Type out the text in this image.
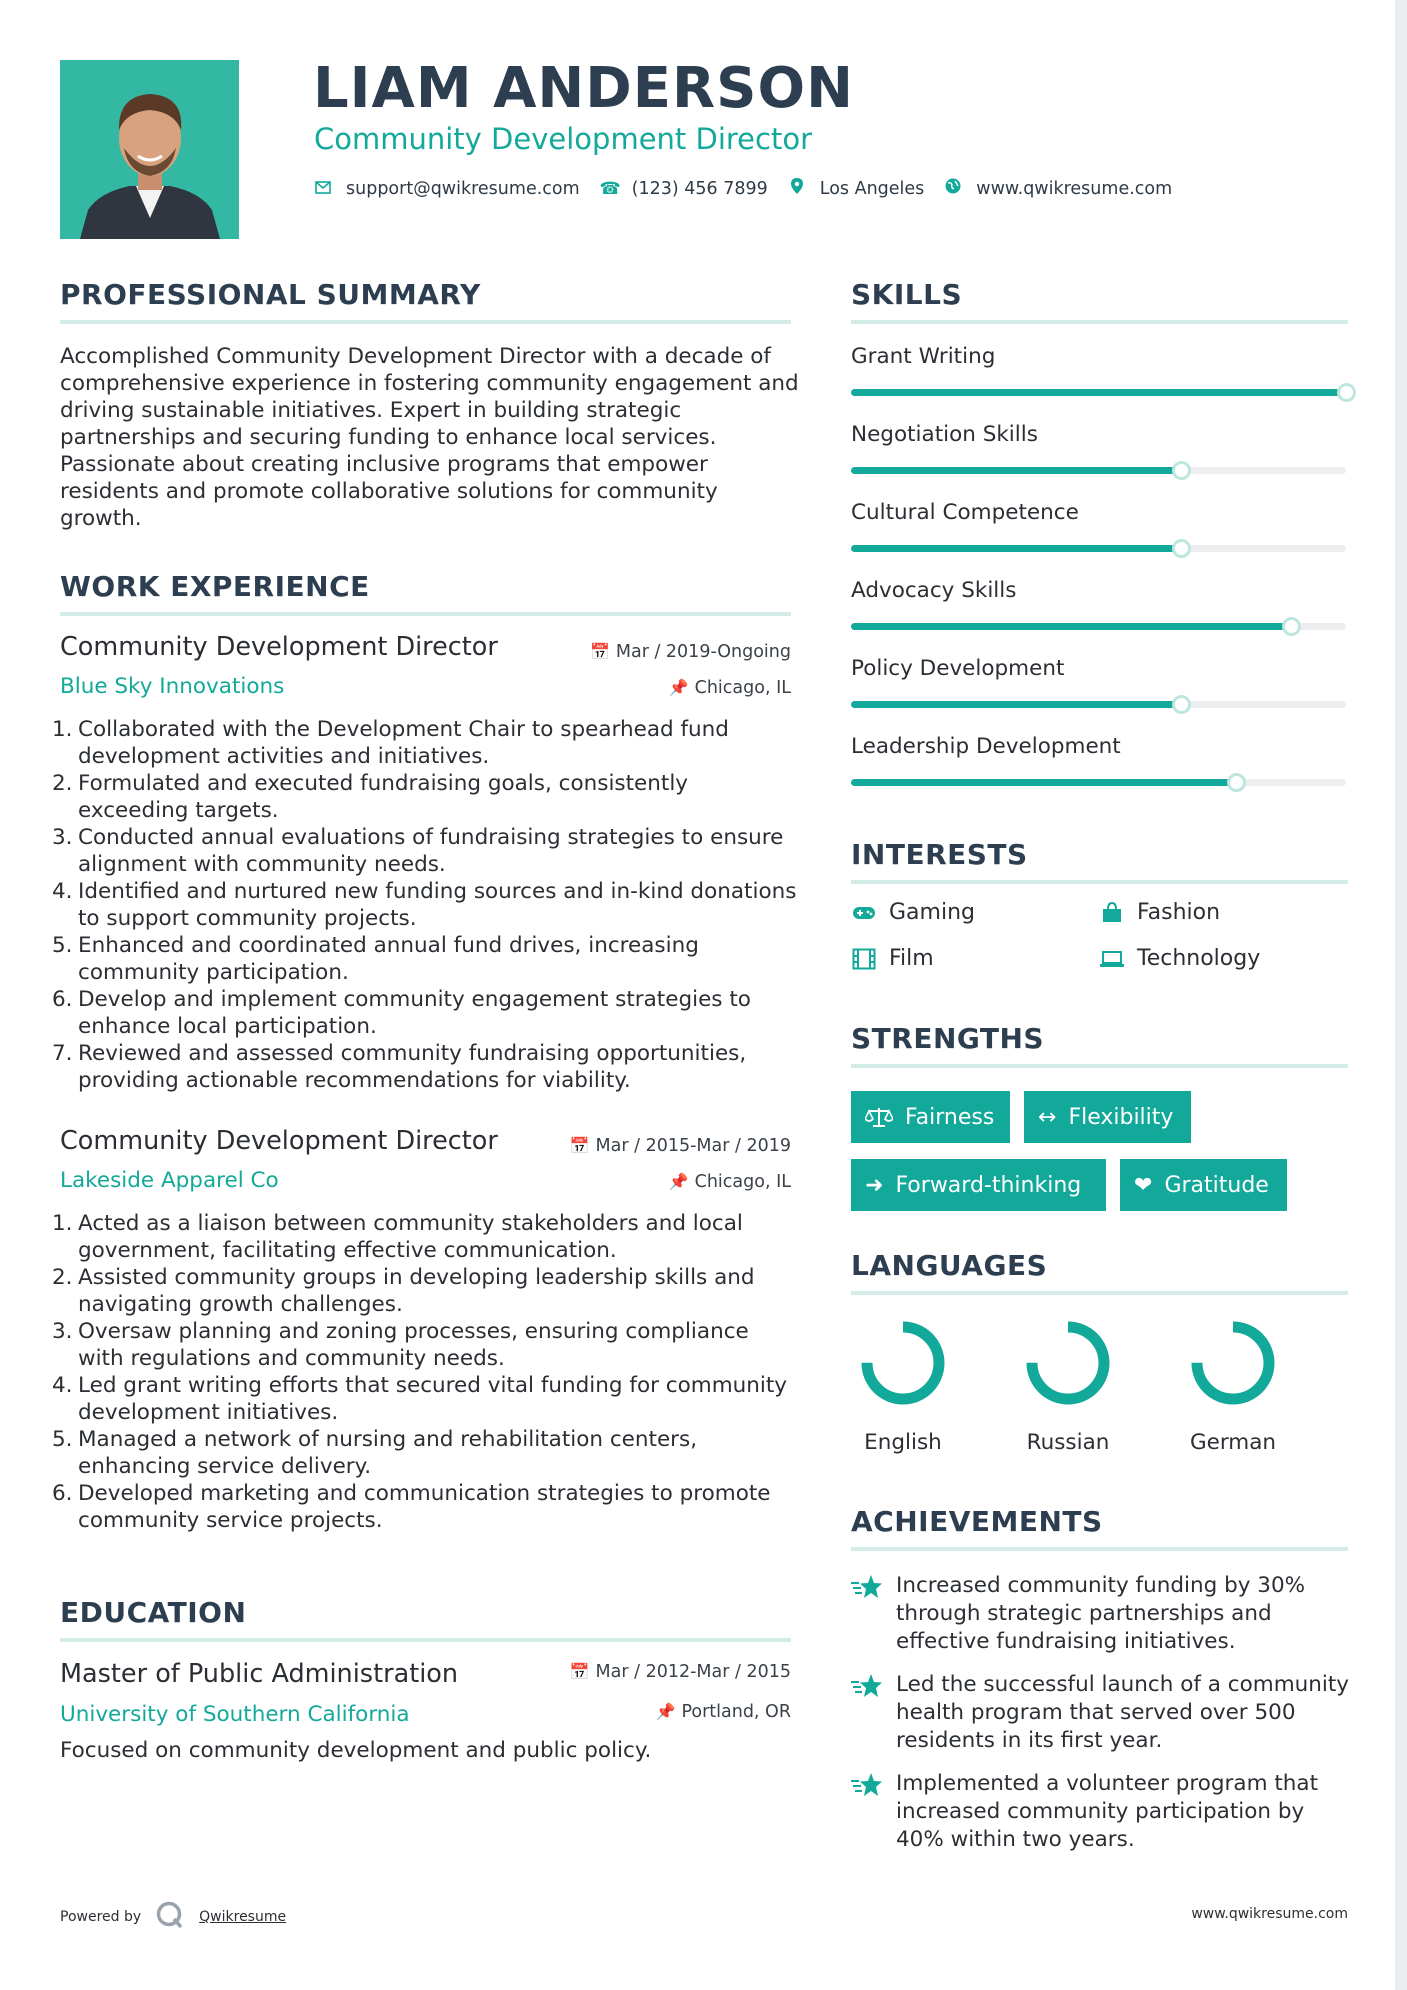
LIAM ANDERSON
Community Development Director
support@qwikresume.com ☎ (123) 456 7899	Los Angeles	www.qwikresume.com
PROFESSIONAL SUMMARY
Accomplished Community Development Director with a decade of comprehensive experience in fostering community engagement and driving sustainable initiatives. Expert in building strategic partnerships and securing funding to enhance local services. Passionate about creating inclusive programs that empower residents and promote collaborative solutions for community growth.
WORK EXPERIENCE
Community Development Director	📅 Mar / 2019-Ongoing
Blue Sky Innovations	📌 Chicago, IL
1. Collaborated with the Development Chair to spearhead fund development activities and initiatives.
2. Formulated and executed fundraising goals, consistently exceeding targets.
3. Conducted annual evaluations of fundraising strategies to ensure alignment with community needs.
4. Identified and nurtured new funding sources and in-kind donations to support community projects.
5. Enhanced and coordinated annual fund drives, increasing community participation.
6. Develop and implement community engagement strategies to enhance local participation.
7. Reviewed and assessed community fundraising opportunities, providing actionable recommendations for viability.
Community Development Director	📅 Mar / 2015-Mar / 2019
Lakeside Apparel Co	📌 Chicago, IL
1. Acted as a liaison between community stakeholders and local government, facilitating effective communication.
2. Assisted community groups in developing leadership skills and navigating growth challenges.
3. Oversaw planning and zoning processes, ensuring compliance with regulations and community needs.
4. Led grant writing efforts that secured vital funding for community development initiatives.
5. Managed a network of nursing and rehabilitation centers, enhancing service delivery.
6. Developed marketing and communication strategies to promote community service projects.
EDUCATION
Master of Public Administration	📅 Mar / 2012-Mar / 2015
University of Southern California	📌 Portland, OR
Focused on community development and public policy.
SKILLS
Grant Writing
Negotiation Skills
Cultural Competence
Advocacy Skills
Policy Development
Leadership Development
INTERESTS
Gaming	Fashion
Film	Technology
STRENGTHS
Fairness ↔ Flexibility
➜ Forward-thinking ❤ Gratitude
LANGUAGES
English	Russian	German
ACHIEVEMENTS
Increased community funding by 30% through strategic partnerships and effective fundraising initiatives.
Led the successful launch of a community health program that served over 500 residents in its first year.
Implemented a volunteer program that increased community participation by 40% within two years.
Powered by	Qwikresume	www.qwikresume.com
